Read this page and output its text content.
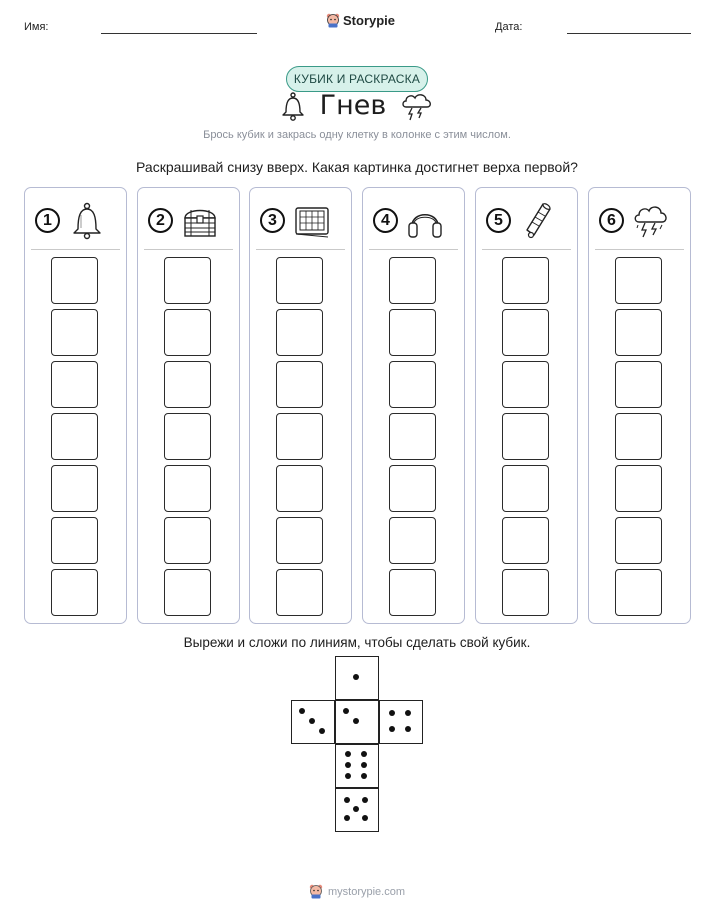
Имя:	Storypie	Дата:
КУБИК И РАСКРАСКА
Гнев
Брось кубик и закрась одну клетку в колонке с этим числом.
Раскрашивай снизу вверх. Какая картинка достигнет верха первой?
1	2	3	4	5	6
Вырежи и сложи по линиям, чтобы сделать свой кубик.
mystorypie.com
